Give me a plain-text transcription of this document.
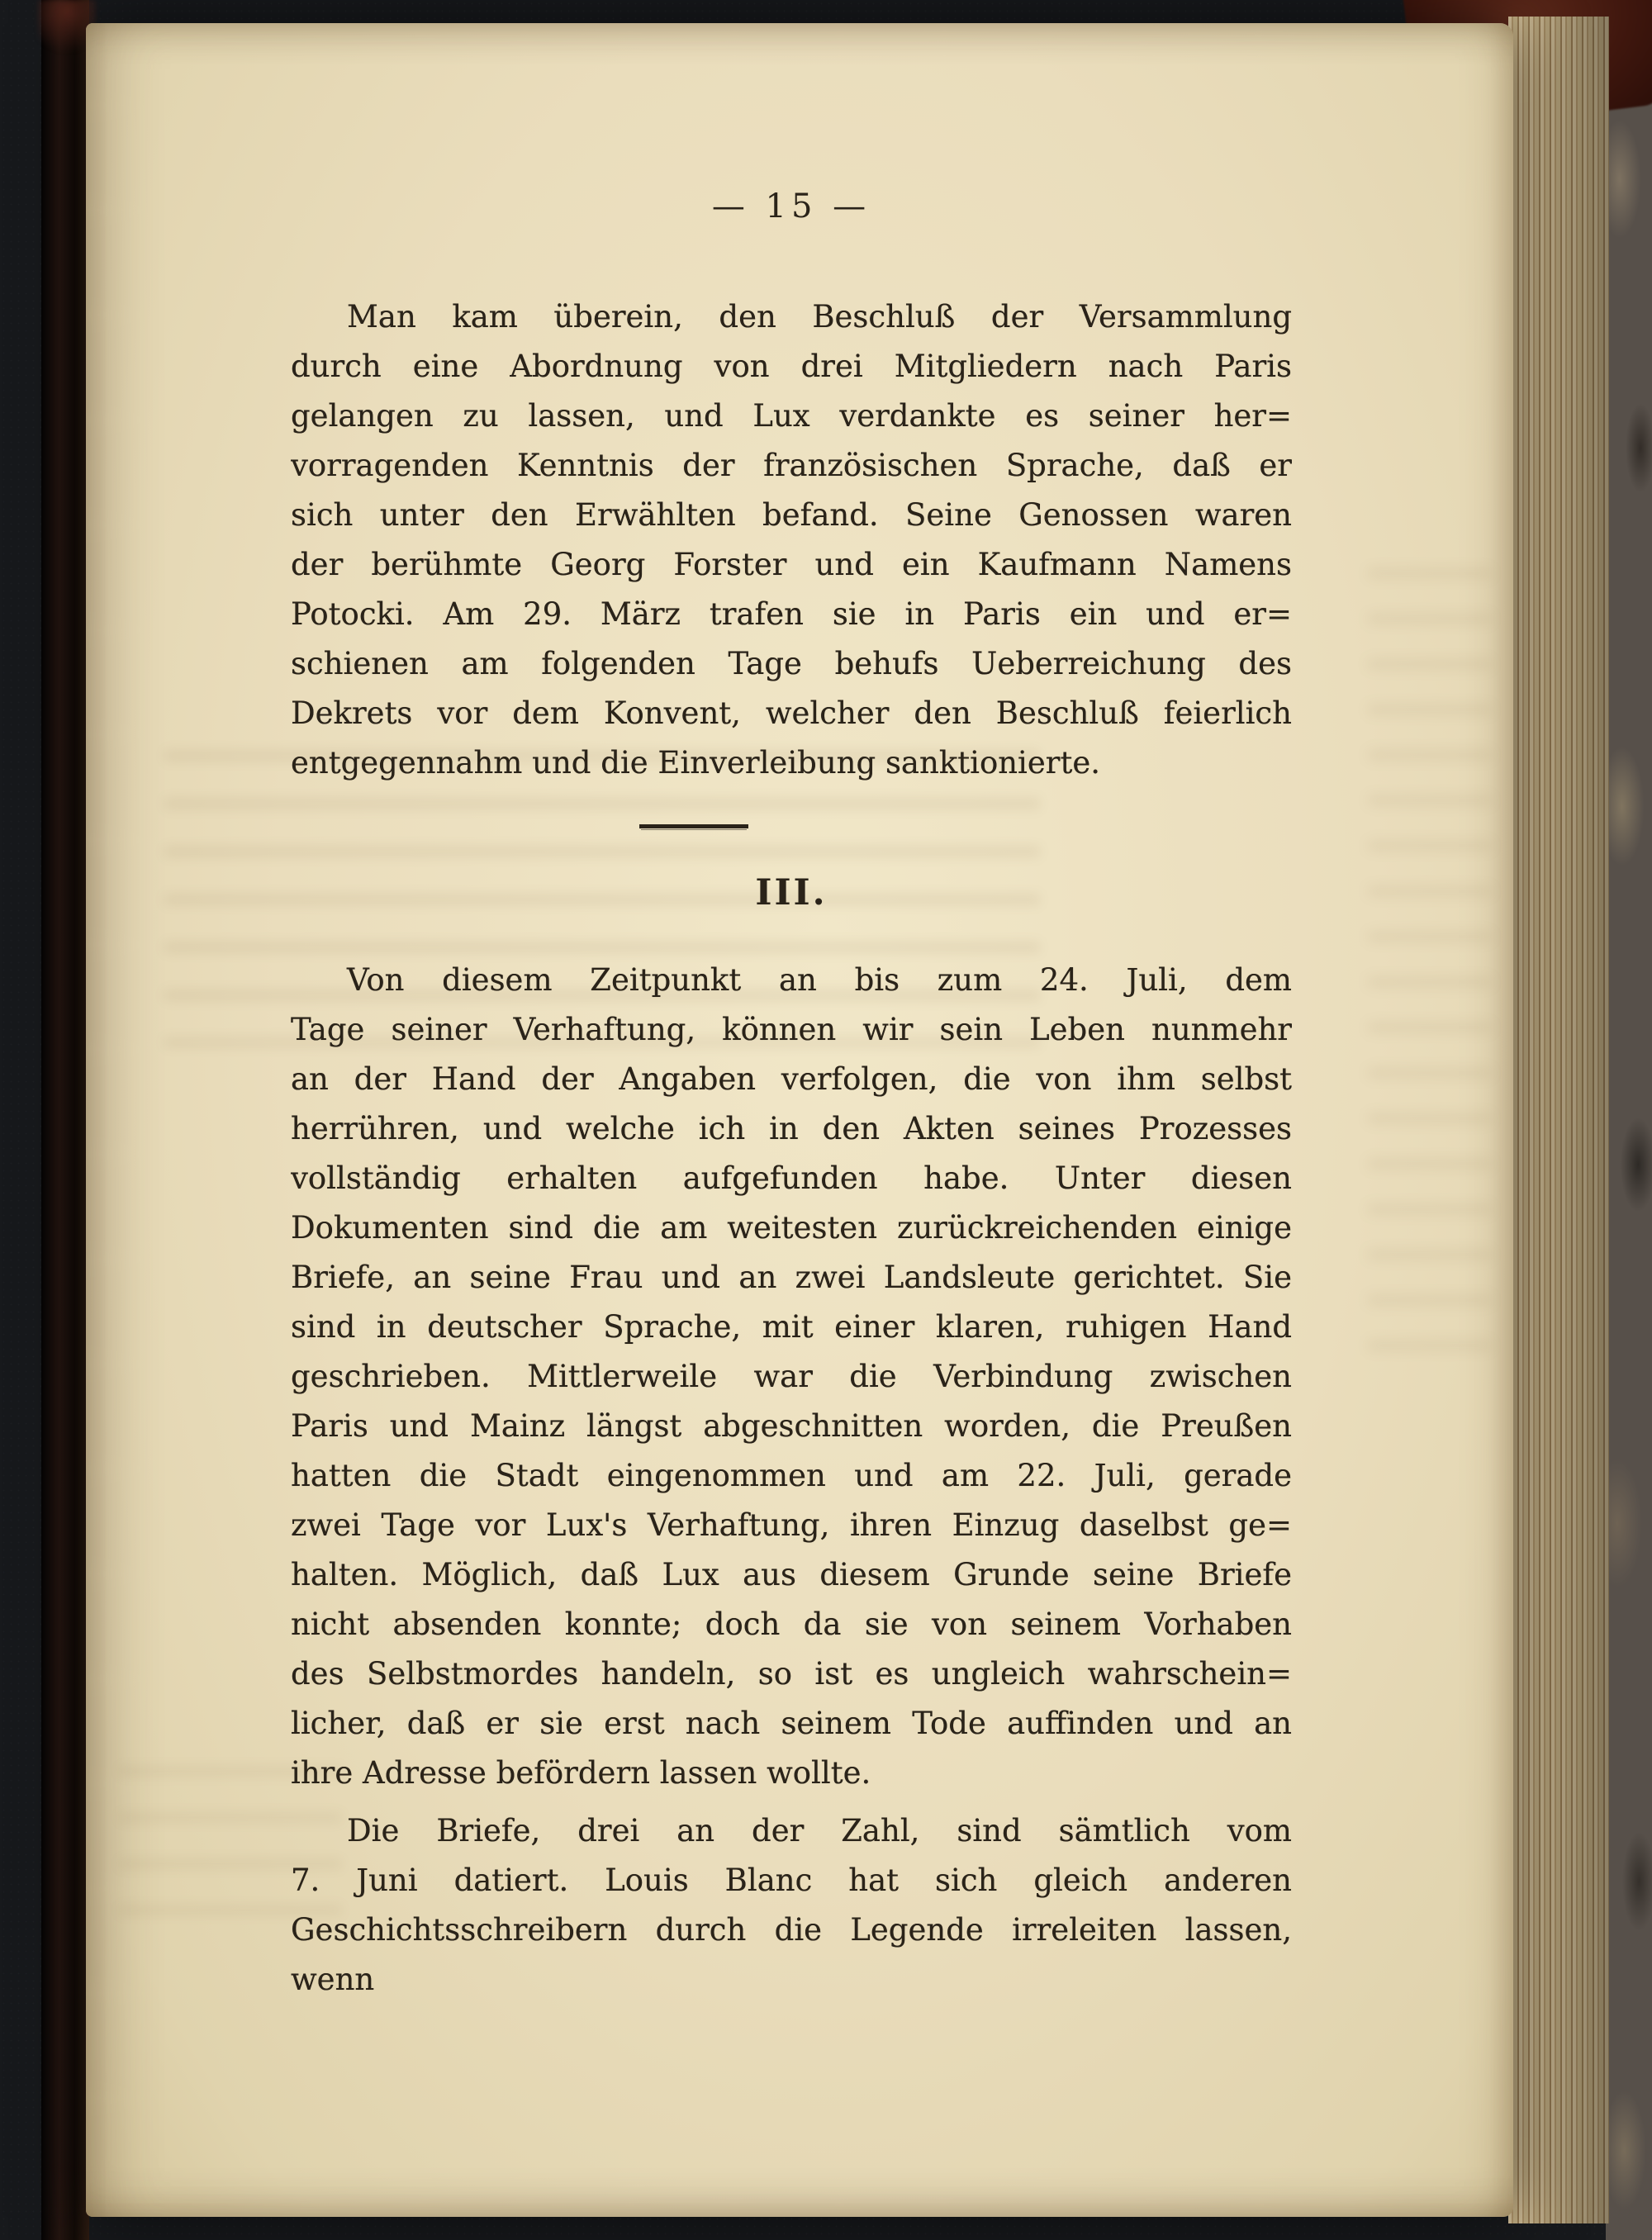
— 15 —
Man kam überein, den Beschluß der Versammlung
durch eine Abordnung von drei Mitgliedern nach Paris
gelangen zu lassen, und Lux verdankte es seiner her=
vorragenden Kenntnis der französischen Sprache, daß er
sich unter den Erwählten befand. Seine Genossen waren
der berühmte Georg Forster und ein Kaufmann Namens
Potocki. Am 29. März trafen sie in Paris ein und er=
schienen am folgenden Tage behufs Ueberreichung des
Dekrets vor dem Konvent, welcher den Beschluß feierlich
entgegennahm und die Einverleibung sanktionierte.
III.
Von diesem Zeitpunkt an bis zum 24. Juli, dem
Tage seiner Verhaftung, können wir sein Leben nunmehr
an der Hand der Angaben verfolgen, die von ihm selbst
herrühren, und welche ich in den Akten seines Prozesses
vollständig erhalten aufgefunden habe. Unter diesen
Dokumenten sind die am weitesten zurückreichenden einige
Briefe, an seine Frau und an zwei Landsleute gerichtet. Sie
sind in deutscher Sprache, mit einer klaren, ruhigen Hand
geschrieben. Mittlerweile war die Verbindung zwischen
Paris und Mainz längst abgeschnitten worden, die Preußen
hatten die Stadt eingenommen und am 22. Juli, gerade
zwei Tage vor Lux's Verhaftung, ihren Einzug daselbst ge=
halten. Möglich, daß Lux aus diesem Grunde seine Briefe
nicht absenden konnte; doch da sie von seinem Vorhaben
des Selbstmordes handeln, so ist es ungleich wahrschein=
licher, daß er sie erst nach seinem Tode auffinden und an
ihre Adresse befördern lassen wollte.
Die Briefe, drei an der Zahl, sind sämtlich vom
7. Juni datiert. Louis Blanc hat sich gleich anderen
Geschichtsschreibern durch die Legende irreleiten lassen, wenn
